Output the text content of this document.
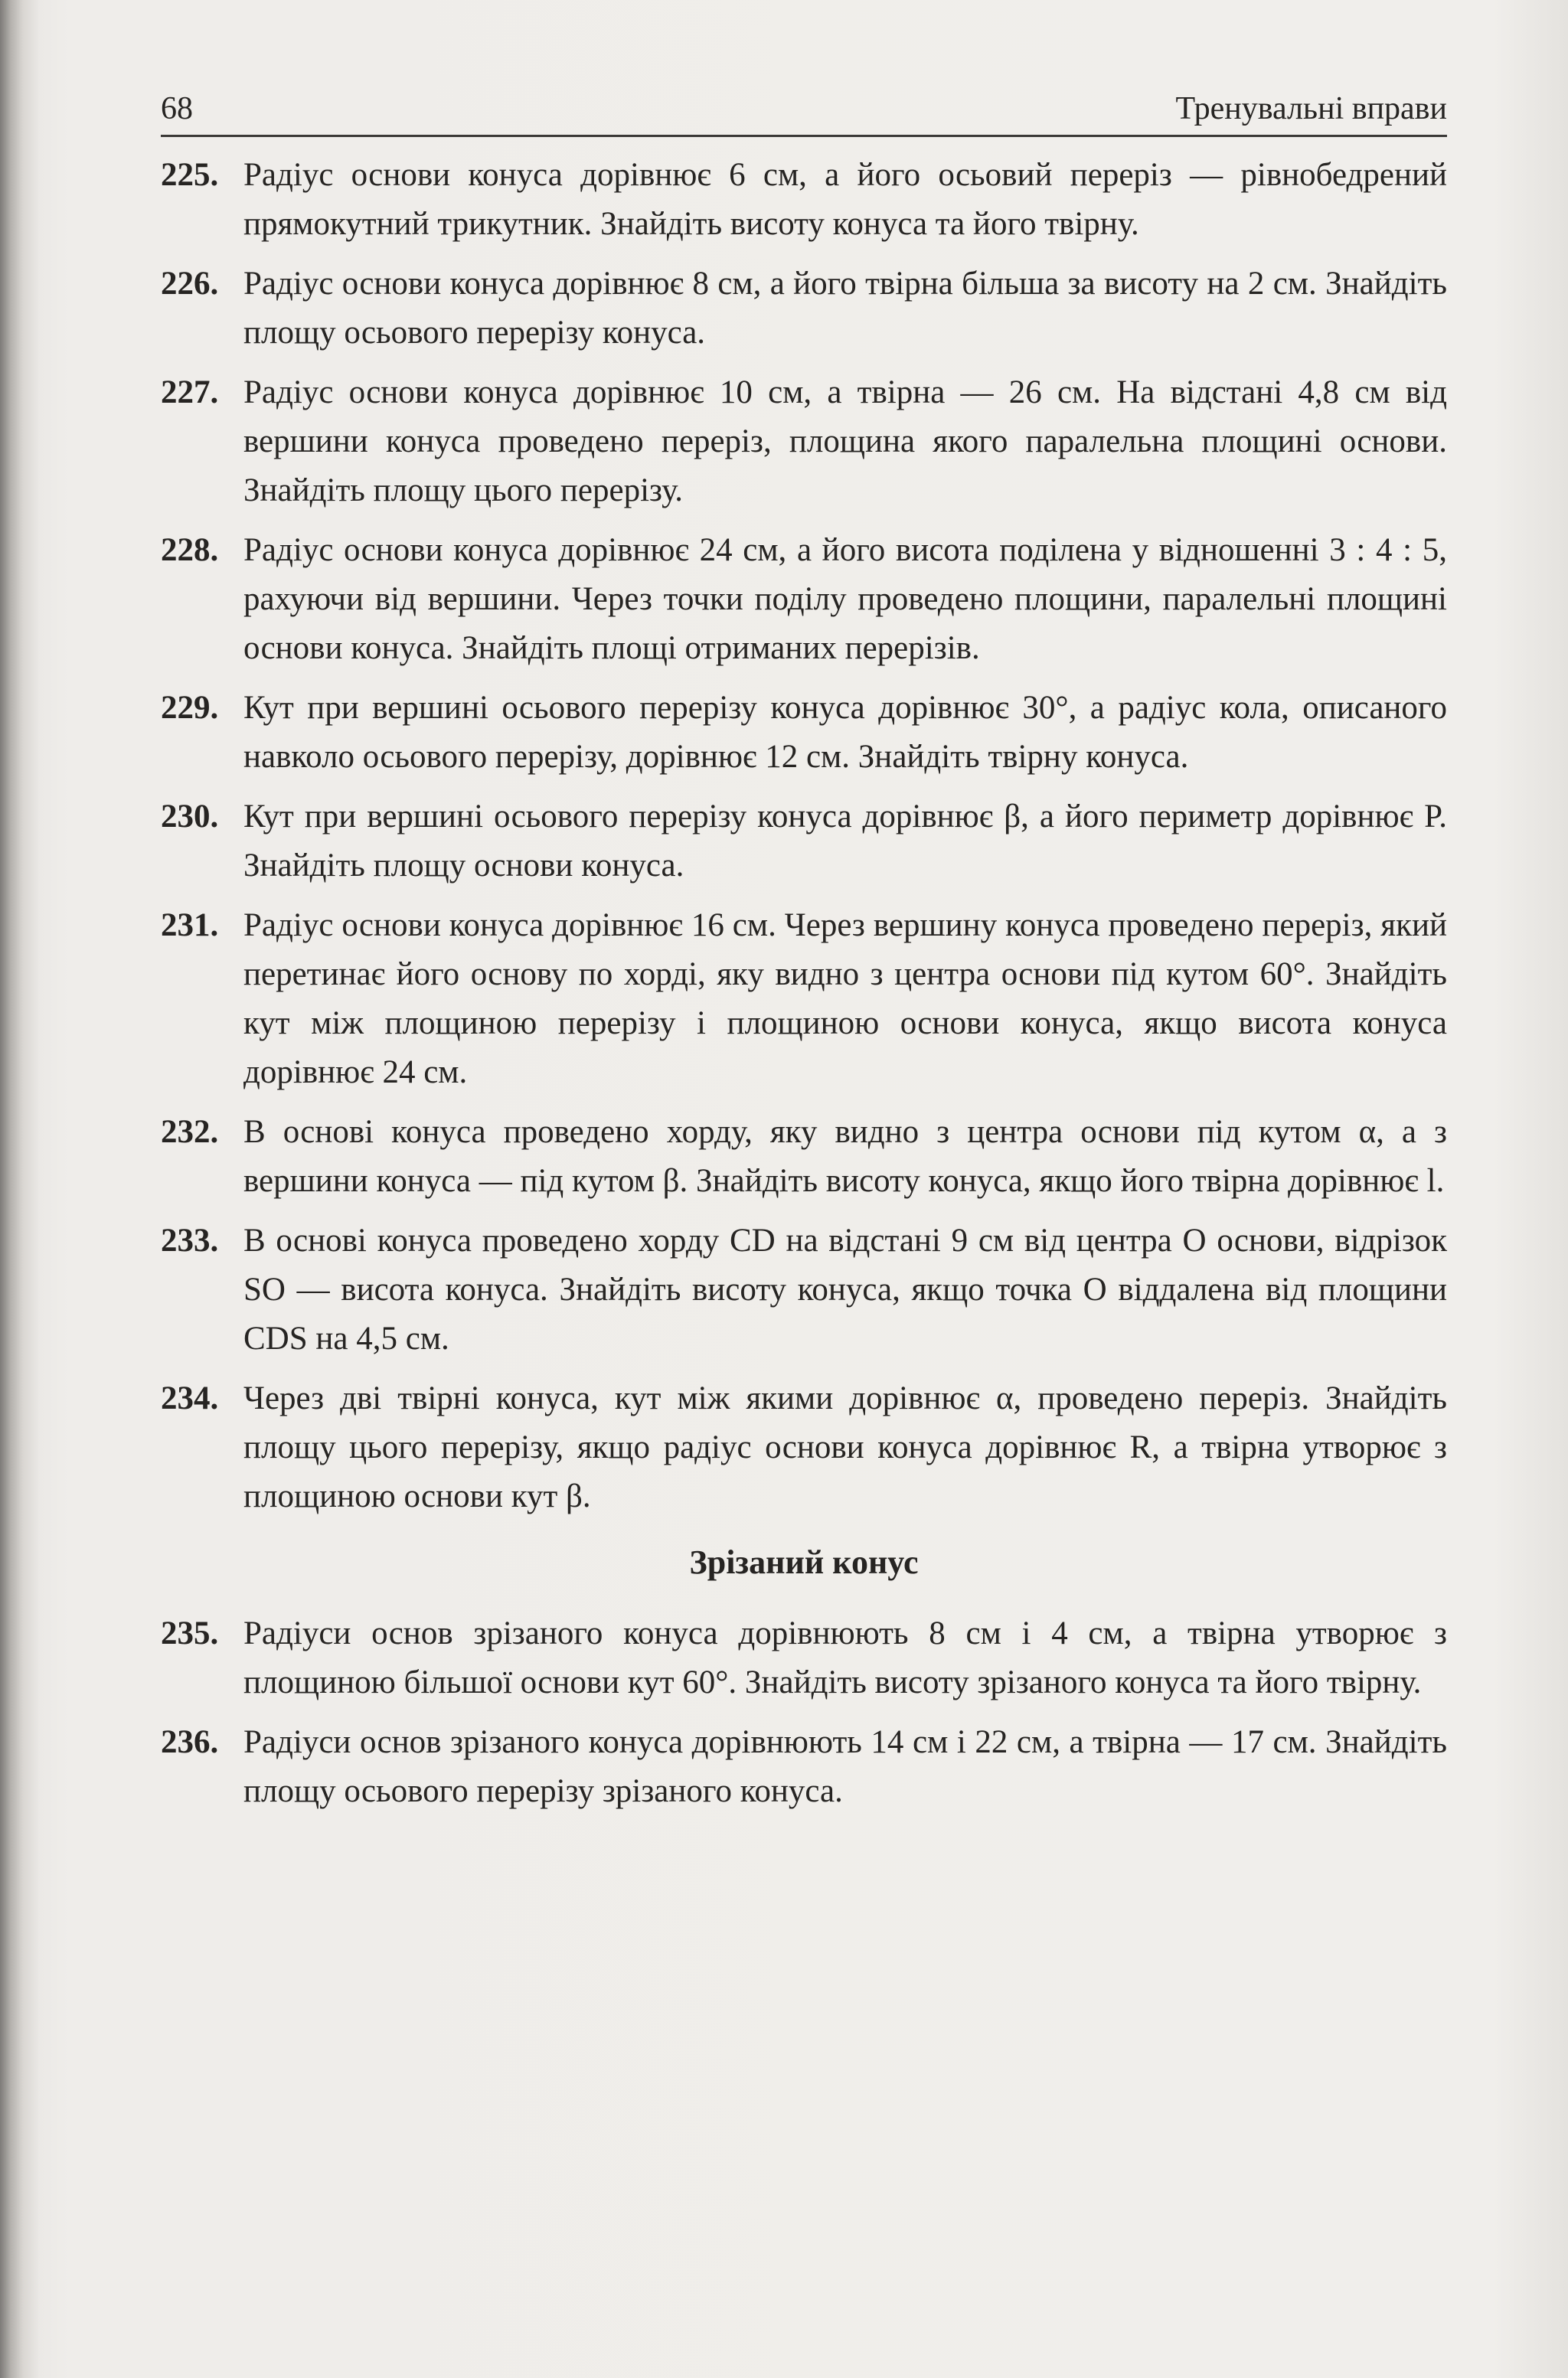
68	Тренувальні вправи
225. Радіус основи конуса дорівнює 6 см, а його осьовий переріз — рівнобедрений прямокутний трикутник. Знайдіть висоту конуса та його твірну.
226. Радіус основи конуса дорівнює 8 см, а його твірна більша за висоту на 2 см. Знайдіть площу осьового перерізу конуса.
227. Радіус основи конуса дорівнює 10 см, а твірна — 26 см. На відстані 4,8 см від вершини конуса проведено переріз, площина якого паралельна площині основи. Знайдіть площу цього перерізу.
228. Радіус основи конуса дорівнює 24 см, а його висота поділена у відношенні 3 : 4 : 5, рахуючи від вершини. Через точки поділу проведено площини, паралельні площині основи конуса. Знайдіть площі отриманих перерізів.
229. Кут при вершині осьового перерізу конуса дорівнює 30°, а радіус кола, описаного навколо осьового перерізу, дорівнює 12 см. Знайдіть твірну конуса.
230. Кут при вершині осьового перерізу конуса дорівнює β, а його периметр дорівнює P. Знайдіть площу основи конуса.
231. Радіус основи конуса дорівнює 16 см. Через вершину конуса проведено переріз, який перетинає його основу по хорді, яку видно з центра основи під кутом 60°. Знайдіть кут між площиною перерізу і площиною основи конуса, якщо висота конуса дорівнює 24 см.
232. В основі конуса проведено хорду, яку видно з центра основи під кутом α, а з вершини конуса — під кутом β. Знайдіть висоту конуса, якщо його твірна дорівнює l.
233. В основі конуса проведено хорду CD на відстані 9 см від центра O основи, відрізок SO — висота конуса. Знайдіть висоту конуса, якщо точка O віддалена від площини CDS на 4,5 см.
234. Через дві твірні конуса, кут між якими дорівнює α, проведено переріз. Знайдіть площу цього перерізу, якщо радіус основи конуса дорівнює R, а твірна утворює з площиною основи кут β.
Зрізаний конус
235. Радіуси основ зрізаного конуса дорівнюють 8 см і 4 см, а твірна утворює з площиною більшої основи кут 60°. Знайдіть висоту зрізаного конуса та його твірну.
236. Радіуси основ зрізаного конуса дорівнюють 14 см і 22 см, а твірна — 17 см. Знайдіть площу осьового перерізу зрізаного конуса.
